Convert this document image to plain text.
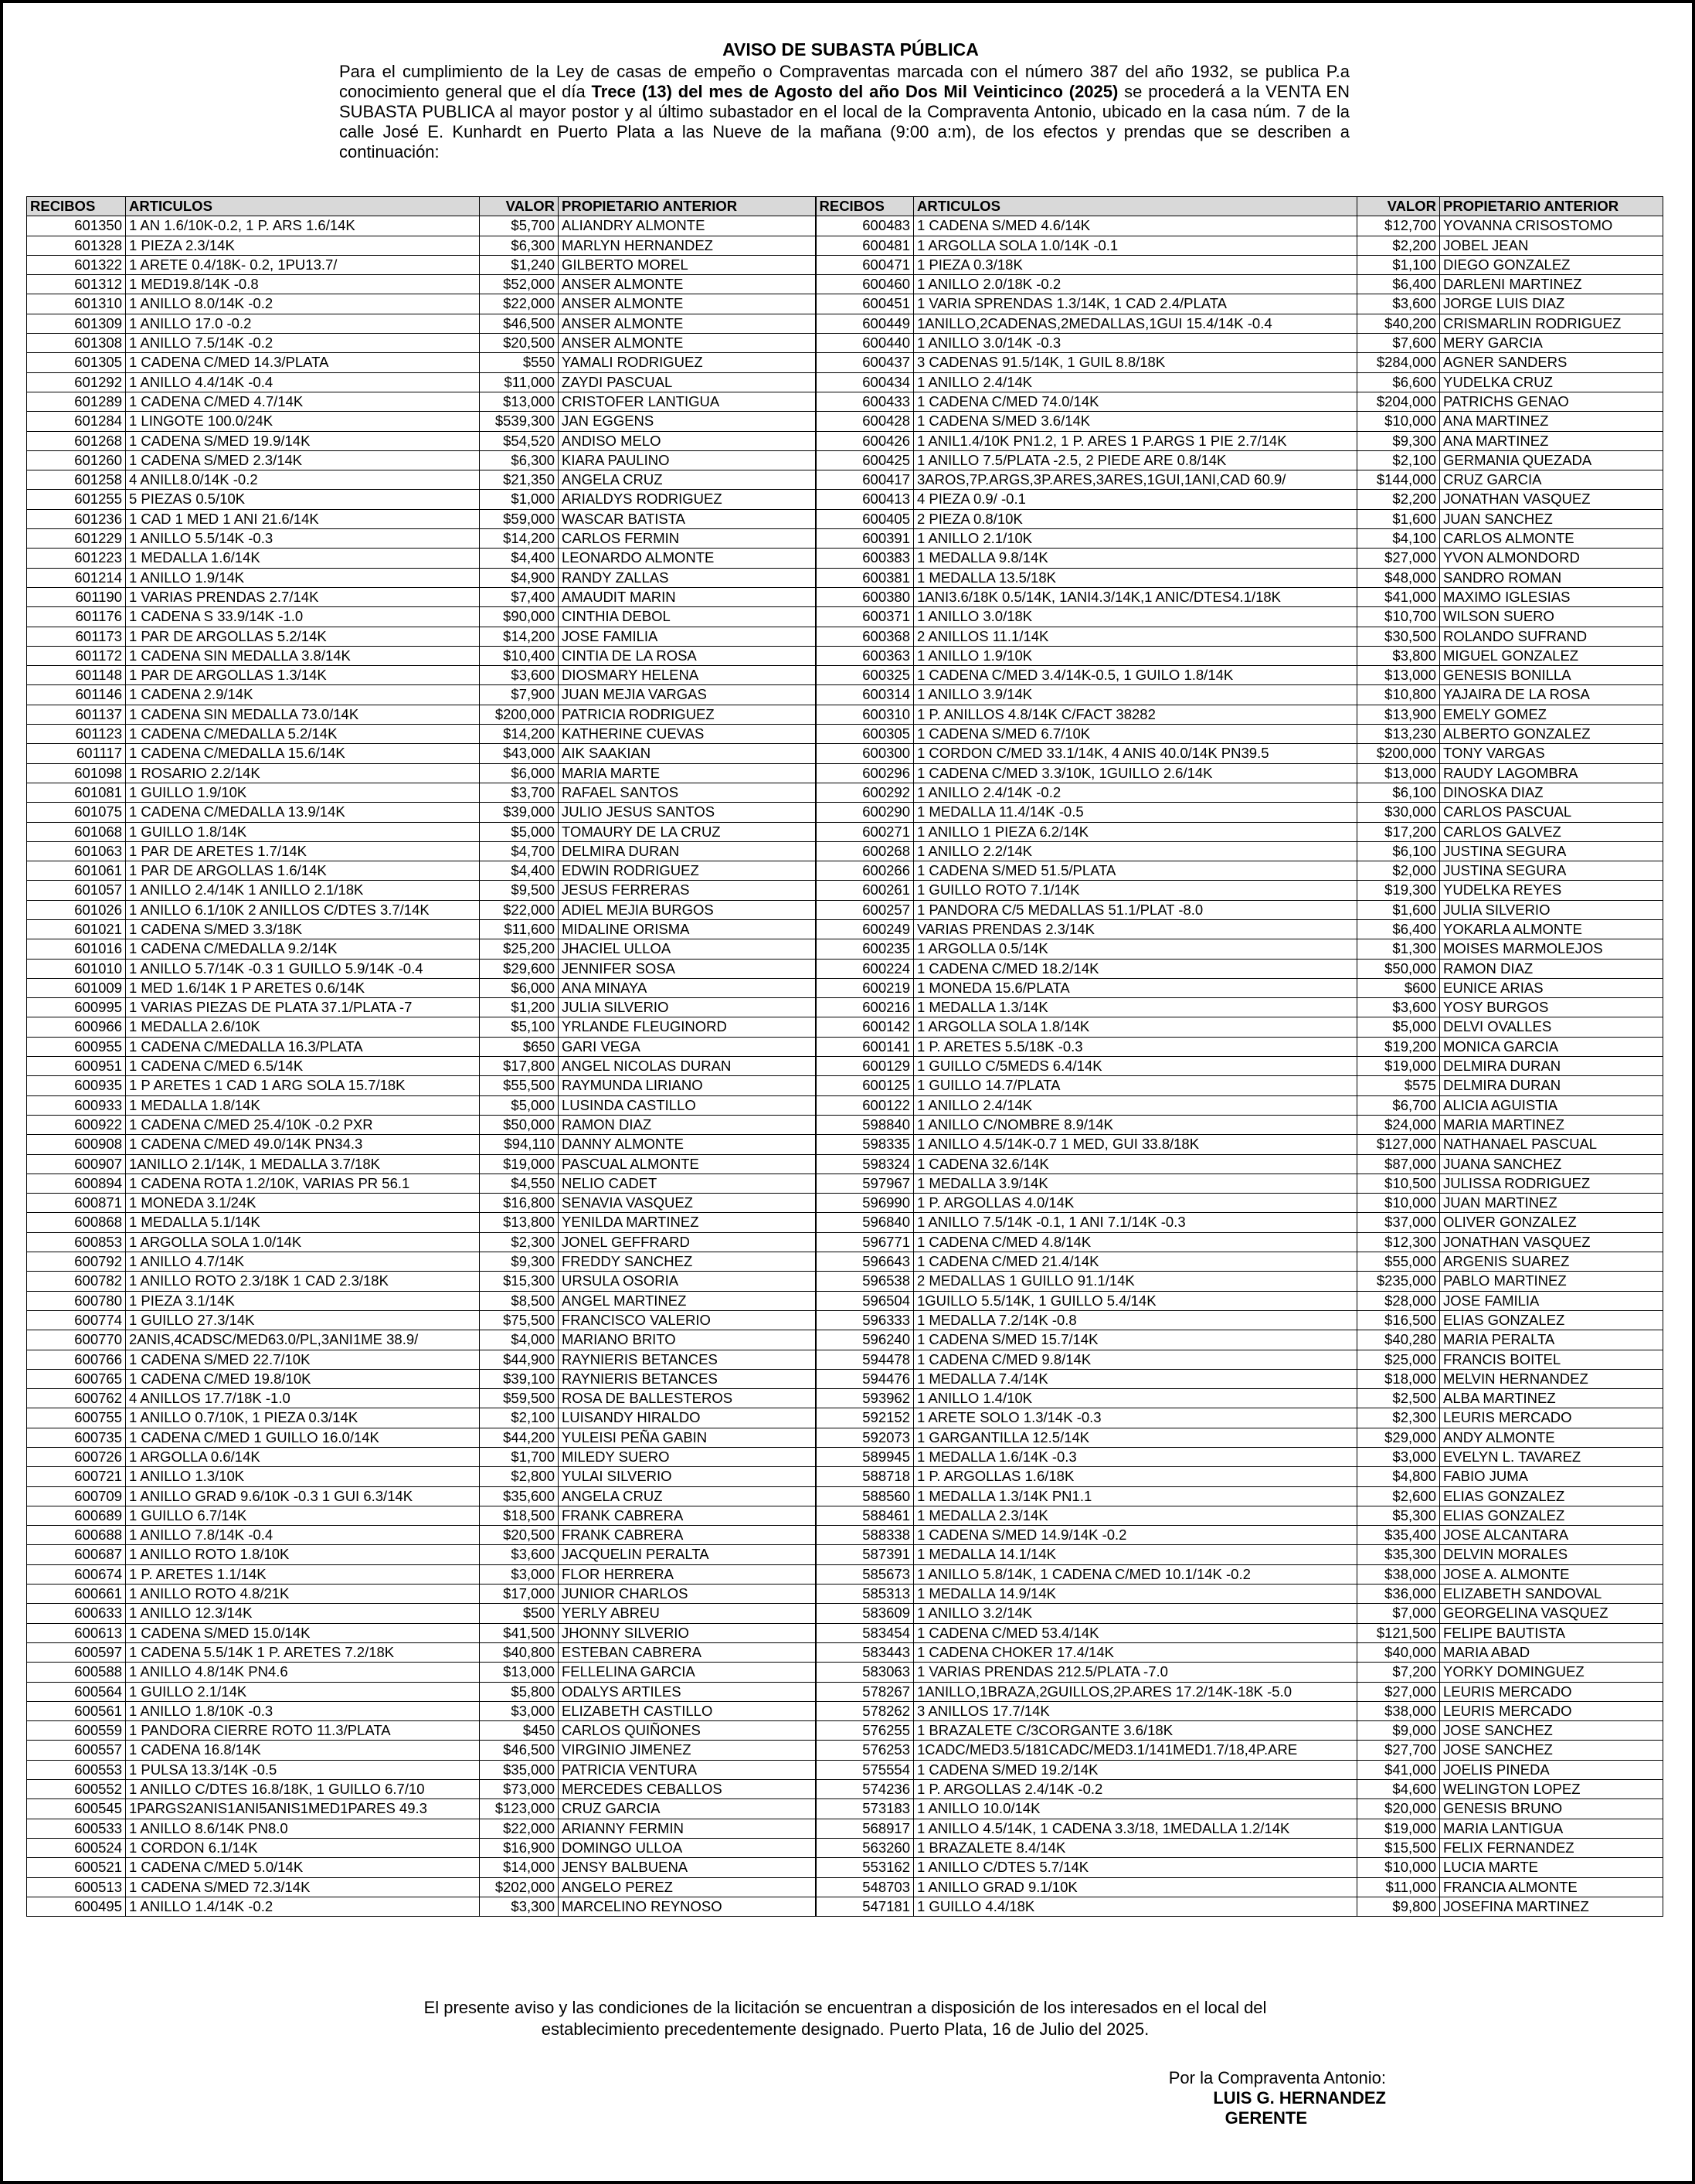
AVISO DE SUBASTA PÚBLICA
Para el cumplimiento de la Ley de casas de empeño o Compraventas marcada con el número 387 del año 1932, se publica P.a conocimiento general que el día Trece (13) del mes de Agosto del año Dos Mil Veinticinco (2025) se procederá a la VENTA EN SUBASTA PUBLICA al mayor postor y al último subastador en el local de la Compraventa Antonio, ubicado en la casa núm. 7 de la calle José E. Kunhardt en Puerto Plata a las Nueve de la mañana (9:00 a:m), de los efectos y prendas que se describen a continuación:
RECIBOS	ARTICULOS	VALOR	PROPIETARIO ANTERIOR	RECIBOS	ARTICULOS	VALOR	PROPIETARIO ANTERIOR
601350	1 AN 1.6/10K-0.2, 1 P. ARS 1.6/14K	$5,700	ALIANDRY ALMONTE	600483	1 CADENA S/MED 4.6/14K	$12,700	YOVANNA CRISOSTOMO
601328	1 PIEZA 2.3/14K	$6,300	MARLYN HERNANDEZ	600481	1 ARGOLLA SOLA 1.0/14K -0.1	$2,200	JOBEL JEAN
601322	1 ARETE 0.4/18K- 0.2, 1PU13.7/	$1,240	GILBERTO MOREL	600471	1 PIEZA 0.3/18K	$1,100	DIEGO GONZALEZ
601312	1 MED19.8/14K -0.8	$52,000	ANSER ALMONTE	600460	1 ANILLO 2.0/18K -0.2	$6,400	DARLENI MARTINEZ
601310	1 ANILLO 8.0/14K -0.2	$22,000	ANSER ALMONTE	600451	1 VARIA SPRENDAS 1.3/14K, 1 CAD 2.4/PLATA	$3,600	JORGE LUIS DIAZ
601309	1 ANILLO 17.0 -0.2	$46,500	ANSER ALMONTE	600449	1ANILLO,2CADENAS,2MEDALLAS,1GUI 15.4/14K -0.4	$40,200	CRISMARLIN RODRIGUEZ
601308	1 ANILLO 7.5/14K -0.2	$20,500	ANSER ALMONTE	600440	1 ANILLO 3.0/14K -0.3	$7,600	MERY GARCIA
601305	1 CADENA C/MED 14.3/PLATA	$550	YAMALI RODRIGUEZ	600437	3 CADENAS 91.5/14K, 1 GUIL 8.8/18K	$284,000	AGNER SANDERS
601292	1 ANILLO 4.4/14K -0.4	$11,000	ZAYDI PASCUAL	600434	1 ANILLO 2.4/14K	$6,600	YUDELKA CRUZ
601289	1 CADENA C/MED 4.7/14K	$13,000	CRISTOFER LANTIGUA	600433	1 CADENA C/MED 74.0/14K	$204,000	PATRICHS GENAO
601284	1 LINGOTE 100.0/24K	$539,300	JAN EGGENS	600428	1 CADENA S/MED 3.6/14K	$10,000	ANA MARTINEZ
601268	1 CADENA S/MED 19.9/14K	$54,520	ANDISO MELO	600426	1 ANIL1.4/10K PN1.2, 1 P. ARES 1 P.ARGS 1 PIE 2.7/14K	$9,300	ANA MARTINEZ
601260	1 CADENA S/MED 2.3/14K	$6,300	KIARA PAULINO	600425	1 ANILLO 7.5/PLATA -2.5, 2 PIEDE ARE 0.8/14K	$2,100	GERMANIA QUEZADA
601258	4 ANILL8.0/14K -0.2	$21,350	ANGELA CRUZ	600417	3AROS,7P.ARGS,3P.ARES,3ARES,1GUI,1ANI,CAD 60.9/	$144,000	CRUZ GARCIA
601255	5 PIEZAS 0.5/10K	$1,000	ARIALDYS RODRIGUEZ	600413	4 PIEZA 0.9/ -0.1	$2,200	JONATHAN VASQUEZ
601236	1 CAD 1 MED 1 ANI 21.6/14K	$59,000	WASCAR BATISTA	600405	2 PIEZA 0.8/10K	$1,600	JUAN SANCHEZ
601229	1 ANILLO 5.5/14K -0.3	$14,200	CARLOS FERMIN	600391	1 ANILLO 2.1/10K	$4,100	CARLOS ALMONTE
601223	1 MEDALLA 1.6/14K	$4,400	LEONARDO ALMONTE	600383	1 MEDALLA 9.8/14K	$27,000	YVON ALMONDORD
601214	1 ANILLO 1.9/14K	$4,900	RANDY ZALLAS	600381	1 MEDALLA 13.5/18K	$48,000	SANDRO ROMAN
601190	1 VARIAS PRENDAS 2.7/14K	$7,400	AMAUDIT MARIN	600380	1ANI3.6/18K 0.5/14K, 1ANI4.3/14K,1 ANIC/DTES4.1/18K	$41,000	MAXIMO IGLESIAS
601176	1 CADENA S 33.9/14K -1.0	$90,000	CINTHIA DEBOL	600371	1 ANILLO 3.0/18K	$10,700	WILSON SUERO
601173	1 PAR DE ARGOLLAS 5.2/14K	$14,200	JOSE FAMILIA	600368	2 ANILLOS 11.1/14K	$30,500	ROLANDO SUFRAND
601172	1 CADENA SIN MEDALLA 3.8/14K	$10,400	CINTIA DE LA ROSA	600363	1 ANILLO 1.9/10K	$3,800	MIGUEL GONZALEZ
601148	1 PAR DE ARGOLLAS 1.3/14K	$3,600	DIOSMARY HELENA	600325	1 CADENA C/MED 3.4/14K-0.5, 1 GUILO 1.8/14K	$13,000	GENESIS BONILLA
601146	1 CADENA 2.9/14K	$7,900	JUAN MEJIA VARGAS	600314	1 ANILLO 3.9/14K	$10,800	YAJAIRA DE LA ROSA
601137	1 CADENA SIN MEDALLA 73.0/14K	$200,000	PATRICIA RODRIGUEZ	600310	1 P. ANILLOS 4.8/14K C/FACT 38282	$13,900	EMELY GOMEZ
601123	1 CADENA C/MEDALLA 5.2/14K	$14,200	KATHERINE CUEVAS	600305	1 CADENA S/MED 6.7/10K	$13,230	ALBERTO GONZALEZ
601117	1 CADENA C/MEDALLA 15.6/14K	$43,000	AIK SAAKIAN	600300	1 CORDON C/MED 33.1/14K, 4 ANIS 40.0/14K PN39.5	$200,000	TONY VARGAS
601098	1 ROSARIO 2.2/14K	$6,000	MARIA MARTE	600296	1 CADENA C/MED 3.3/10K, 1GUILLO 2.6/14K	$13,000	RAUDY LAGOMBRA
601081	1 GUILLO 1.9/10K	$3,700	RAFAEL SANTOS	600292	1 ANILLO 2.4/14K -0.2	$6,100	DINOSKA DIAZ
601075	1 CADENA C/MEDALLA 13.9/14K	$39,000	JULIO JESUS SANTOS	600290	1 MEDALLA 11.4/14K -0.5	$30,000	CARLOS PASCUAL
601068	1 GUILLO 1.8/14K	$5,000	TOMAURY DE LA CRUZ	600271	1 ANILLO 1 PIEZA 6.2/14K	$17,200	CARLOS GALVEZ
601063	1 PAR DE ARETES 1.7/14K	$4,700	DELMIRA DURAN	600268	1 ANILLO 2.2/14K	$6,100	JUSTINA SEGURA
601061	1 PAR DE ARGOLLAS 1.6/14K	$4,400	EDWIN RODRIGUEZ	600266	1 CADENA S/MED 51.5/PLATA	$2,000	JUSTINA SEGURA
601057	1 ANILLO 2.4/14K 1 ANILLO 2.1/18K	$9,500	JESUS FERRERAS	600261	1 GUILLO ROTO 7.1/14K	$19,300	YUDELKA REYES
601026	1 ANILLO 6.1/10K 2 ANILLOS C/DTES 3.7/14K	$22,000	ADIEL MEJIA BURGOS	600257	1 PANDORA C/5 MEDALLAS 51.1/PLAT -8.0	$1,600	JULIA SILVERIO
601021	1 CADENA S/MED 3.3/18K	$11,600	MIDALINE ORISMA	600249	VARIAS PRENDAS 2.3/14K	$6,400	YOKARLA ALMONTE
601016	1 CADENA C/MEDALLA 9.2/14K	$25,200	JHACIEL ULLOA	600235	1 ARGOLLA 0.5/14K	$1,300	MOISES MARMOLEJOS
601010	1 ANILLO 5.7/14K -0.3 1 GUILLO 5.9/14K -0.4	$29,600	JENNIFER SOSA	600224	1 CADENA C/MED 18.2/14K	$50,000	RAMON DIAZ
601009	1 MED 1.6/14K 1 P ARETES 0.6/14K	$6,000	ANA MINAYA	600219	1 MONEDA 15.6/PLATA	$600	EUNICE ARIAS
600995	1 VARIAS PIEZAS DE PLATA 37.1/PLATA -7	$1,200	JULIA SILVERIO	600216	1 MEDALLA 1.3/14K	$3,600	YOSY BURGOS
600966	1 MEDALLA 2.6/10K	$5,100	YRLANDE FLEUGINORD	600142	1 ARGOLLA SOLA 1.8/14K	$5,000	DELVI OVALLES
600955	1 CADENA C/MEDALLA 16.3/PLATA	$650	GARI VEGA	600141	1 P. ARETES 5.5/18K -0.3	$19,200	MONICA GARCIA
600951	1 CADENA C/MED 6.5/14K	$17,800	ANGEL NICOLAS DURAN	600129	1 GUILLO C/5MEDS 6.4/14K	$19,000	DELMIRA DURAN
600935	1 P ARETES 1 CAD 1 ARG SOLA 15.7/18K	$55,500	RAYMUNDA LIRIANO	600125	1 GUILLO 14.7/PLATA	$575	DELMIRA DURAN
600933	1 MEDALLA 1.8/14K	$5,000	LUSINDA CASTILLO	600122	1 ANILLO 2.4/14K	$6,700	ALICIA AGUISTIA
600922	1 CADENA C/MED 25.4/10K -0.2 PXR	$50,000	RAMON DIAZ	598840	1 ANILLO C/NOMBRE 8.9/14K	$24,000	MARIA MARTINEZ
600908	1 CADENA C/MED 49.0/14K PN34.3	$94,110	DANNY ALMONTE	598335	1 ANILLO 4.5/14K-0.7 1 MED, GUI 33.8/18K	$127,000	NATHANAEL PASCUAL
600907	1ANILLO 2.1/14K, 1 MEDALLA 3.7/18K	$19,000	PASCUAL ALMONTE	598324	1 CADENA 32.6/14K	$87,000	JUANA SANCHEZ
600894	1 CADENA ROTA 1.2/10K, VARIAS PR 56.1	$4,550	NELIO CADET	597967	1 MEDALLA 3.9/14K	$10,500	JULISSA RODRIGUEZ
600871	1 MONEDA 3.1/24K	$16,800	SENAVIA VASQUEZ	596990	1 P. ARGOLLAS 4.0/14K	$10,000	JUAN MARTINEZ
600868	1 MEDALLA 5.1/14K	$13,800	YENILDA MARTINEZ	596840	1 ANILLO 7.5/14K -0.1, 1 ANI 7.1/14K -0.3	$37,000	OLIVER GONZALEZ
600853	1 ARGOLLA SOLA 1.0/14K	$2,300	JONEL GEFFRARD	596771	1 CADENA C/MED 4.8/14K	$12,300	JONATHAN VASQUEZ
600792	1 ANILLO 4.7/14K	$9,300	FREDDY SANCHEZ	596643	1 CADENA C/MED 21.4/14K	$55,000	ARGENIS SUAREZ
600782	1 ANILLO ROTO 2.3/18K 1 CAD 2.3/18K	$15,300	URSULA OSORIA	596538	2 MEDALLAS 1 GUILLO 91.1/14K	$235,000	PABLO MARTINEZ
600780	1 PIEZA 3.1/14K	$8,500	ANGEL MARTINEZ	596504	1GUILLO 5.5/14K, 1 GUILLO 5.4/14K	$28,000	JOSE FAMILIA
600774	1 GUILLO 27.3/14K	$75,500	FRANCISCO VALERIO	596333	1 MEDALLA 7.2/14K -0.8	$16,500	ELIAS GONZALEZ
600770	2ANIS,4CADSC/MED63.0/PL,3ANI1ME 38.9/	$4,000	MARIANO BRITO	596240	1 CADENA S/MED 15.7/14K	$40,280	MARIA PERALTA
600766	1 CADENA S/MED 22.7/10K	$44,900	RAYNIERIS BETANCES	594478	1 CADENA C/MED 9.8/14K	$25,000	FRANCIS BOITEL
600765	1 CADENA C/MED 19.8/10K	$39,100	RAYNIERIS BETANCES	594476	1 MEDALLA 7.4/14K	$18,000	MELVIN HERNANDEZ
600762	4 ANILLOS 17.7/18K -1.0	$59,500	ROSA DE BALLESTEROS	593962	1 ANILLO 1.4/10K	$2,500	ALBA MARTINEZ
600755	1 ANILLO 0.7/10K, 1 PIEZA 0.3/14K	$2,100	LUISANDY HIRALDO	592152	1 ARETE SOLO 1.3/14K -0.3	$2,300	LEURIS MERCADO
600735	1 CADENA C/MED 1 GUILLO 16.0/14K	$44,200	YULEISI PEÑA GABIN	592073	1 GARGANTILLA 12.5/14K	$29,000	ANDY ALMONTE
600726	1 ARGOLLA 0.6/14K	$1,700	MILEDY SUERO	589945	1 MEDALLA 1.6/14K -0.3	$3,000	EVELYN L. TAVAREZ
600721	1 ANILLO 1.3/10K	$2,800	YULAI SILVERIO	588718	1 P. ARGOLLAS 1.6/18K	$4,800	FABIO JUMA
600709	1 ANILLO GRAD 9.6/10K -0.3 1 GUI 6.3/14K	$35,600	ANGELA CRUZ	588560	1 MEDALLA 1.3/14K PN1.1	$2,600	ELIAS GONZALEZ
600689	1 GUILLO 6.7/14K	$18,500	FRANK CABRERA	588461	1 MEDALLA 2.3/14K	$5,300	ELIAS GONZALEZ
600688	1 ANILLO 7.8/14K -0.4	$20,500	FRANK CABRERA	588338	1 CADENA S/MED 14.9/14K -0.2	$35,400	JOSE ALCANTARA
600687	1 ANILLO ROTO 1.8/10K	$3,600	JACQUELIN PERALTA	587391	1 MEDALLA 14.1/14K	$35,300	DELVIN MORALES
600674	1 P. ARETES 1.1/14K	$3,000	FLOR HERRERA	585673	1 ANILLO 5.8/14K, 1 CADENA C/MED 10.1/14K -0.2	$38,000	JOSE A. ALMONTE
600661	1 ANILLO ROTO 4.8/21K	$17,000	JUNIOR CHARLOS	585313	1 MEDALLA 14.9/14K	$36,000	ELIZABETH SANDOVAL
600633	1 ANILLO 12.3/14K	$500	YERLY ABREU	583609	1 ANILLO 3.2/14K	$7,000	GEORGELINA VASQUEZ
600613	1 CADENA S/MED 15.0/14K	$41,500	JHONNY SILVERIO	583454	1 CADENA C/MED 53.4/14K	$121,500	FELIPE BAUTISTA
600597	1 CADENA 5.5/14K 1 P. ARETES 7.2/18K	$40,800	ESTEBAN CABRERA	583443	1 CADENA CHOKER 17.4/14K	$40,000	MARIA ABAD
600588	1 ANILLO 4.8/14K PN4.6	$13,000	FELLELINA GARCIA	583063	1 VARIAS PRENDAS 212.5/PLATA -7.0	$7,200	YORKY DOMINGUEZ
600564	1 GUILLO 2.1/14K	$5,800	ODALYS ARTILES	578267	1ANILLO,1BRAZA,2GUILLOS,2P.ARES 17.2/14K-18K -5.0	$27,000	LEURIS MERCADO
600561	1 ANILLO 1.8/10K -0.3	$3,000	ELIZABETH CASTILLO	578262	3 ANILLOS 17.7/14K	$38,000	LEURIS MERCADO
600559	1 PANDORA CIERRE ROTO 11.3/PLATA	$450	CARLOS QUIÑONES	576255	1 BRAZALETE C/3CORGANTE 3.6/18K	$9,000	JOSE SANCHEZ
600557	1 CADENA 16.8/14K	$46,500	VIRGINIO JIMENEZ	576253	1CADC/MED3.5/181CADC/MED3.1/141MED1.7/18,4P.ARE	$27,700	JOSE SANCHEZ
600553	1 PULSA 13.3/14K -0.5	$35,000	PATRICIA VENTURA	575554	1 CADENA S/MED 19.2/14K	$41,000	JOELIS PINEDA
600552	1 ANILLO C/DTES 16.8/18K, 1 GUILLO 6.7/10	$73,000	MERCEDES CEBALLOS	574236	1 P. ARGOLLAS 2.4/14K -0.2	$4,600	WELINGTON LOPEZ
600545	1PARGS2ANIS1ANI5ANIS1MED1PARES 49.3	$123,000	CRUZ GARCIA	573183	1 ANILLO 10.0/14K	$20,000	GENESIS BRUNO
600533	1 ANILLO 8.6/14K PN8.0	$22,000	ARIANNY FERMIN	568917	1 ANILLO 4.5/14K, 1 CADENA 3.3/18, 1MEDALLA 1.2/14K	$19,000	MARIA LANTIGUA
600524	1 CORDON 6.1/14K	$16,900	DOMINGO ULLOA	563260	1 BRAZALETE 8.4/14K	$15,500	FELIX FERNANDEZ
600521	1 CADENA C/MED 5.0/14K	$14,000	JENSY BALBUENA	553162	1 ANILLO C/DTES 5.7/14K	$10,000	LUCIA MARTE
600513	1 CADENA S/MED 72.3/14K	$202,000	ANGELO PEREZ	548703	1 ANILLO GRAD 9.1/10K	$11,000	FRANCIA ALMONTE
600495	1 ANILLO 1.4/14K -0.2	$3,300	MARCELINO REYNOSO	547181	1 GUILLO 4.4/18K	$9,800	JOSEFINA MARTINEZ
El presente aviso y las condiciones de la licitación se encuentran a disposición de los interesados en el local del
establecimiento precedentemente designado. Puerto Plata, 16 de Julio del 2025.
Por la Compraventa Antonio:
LUIS G. HERNANDEZ
GERENTE
